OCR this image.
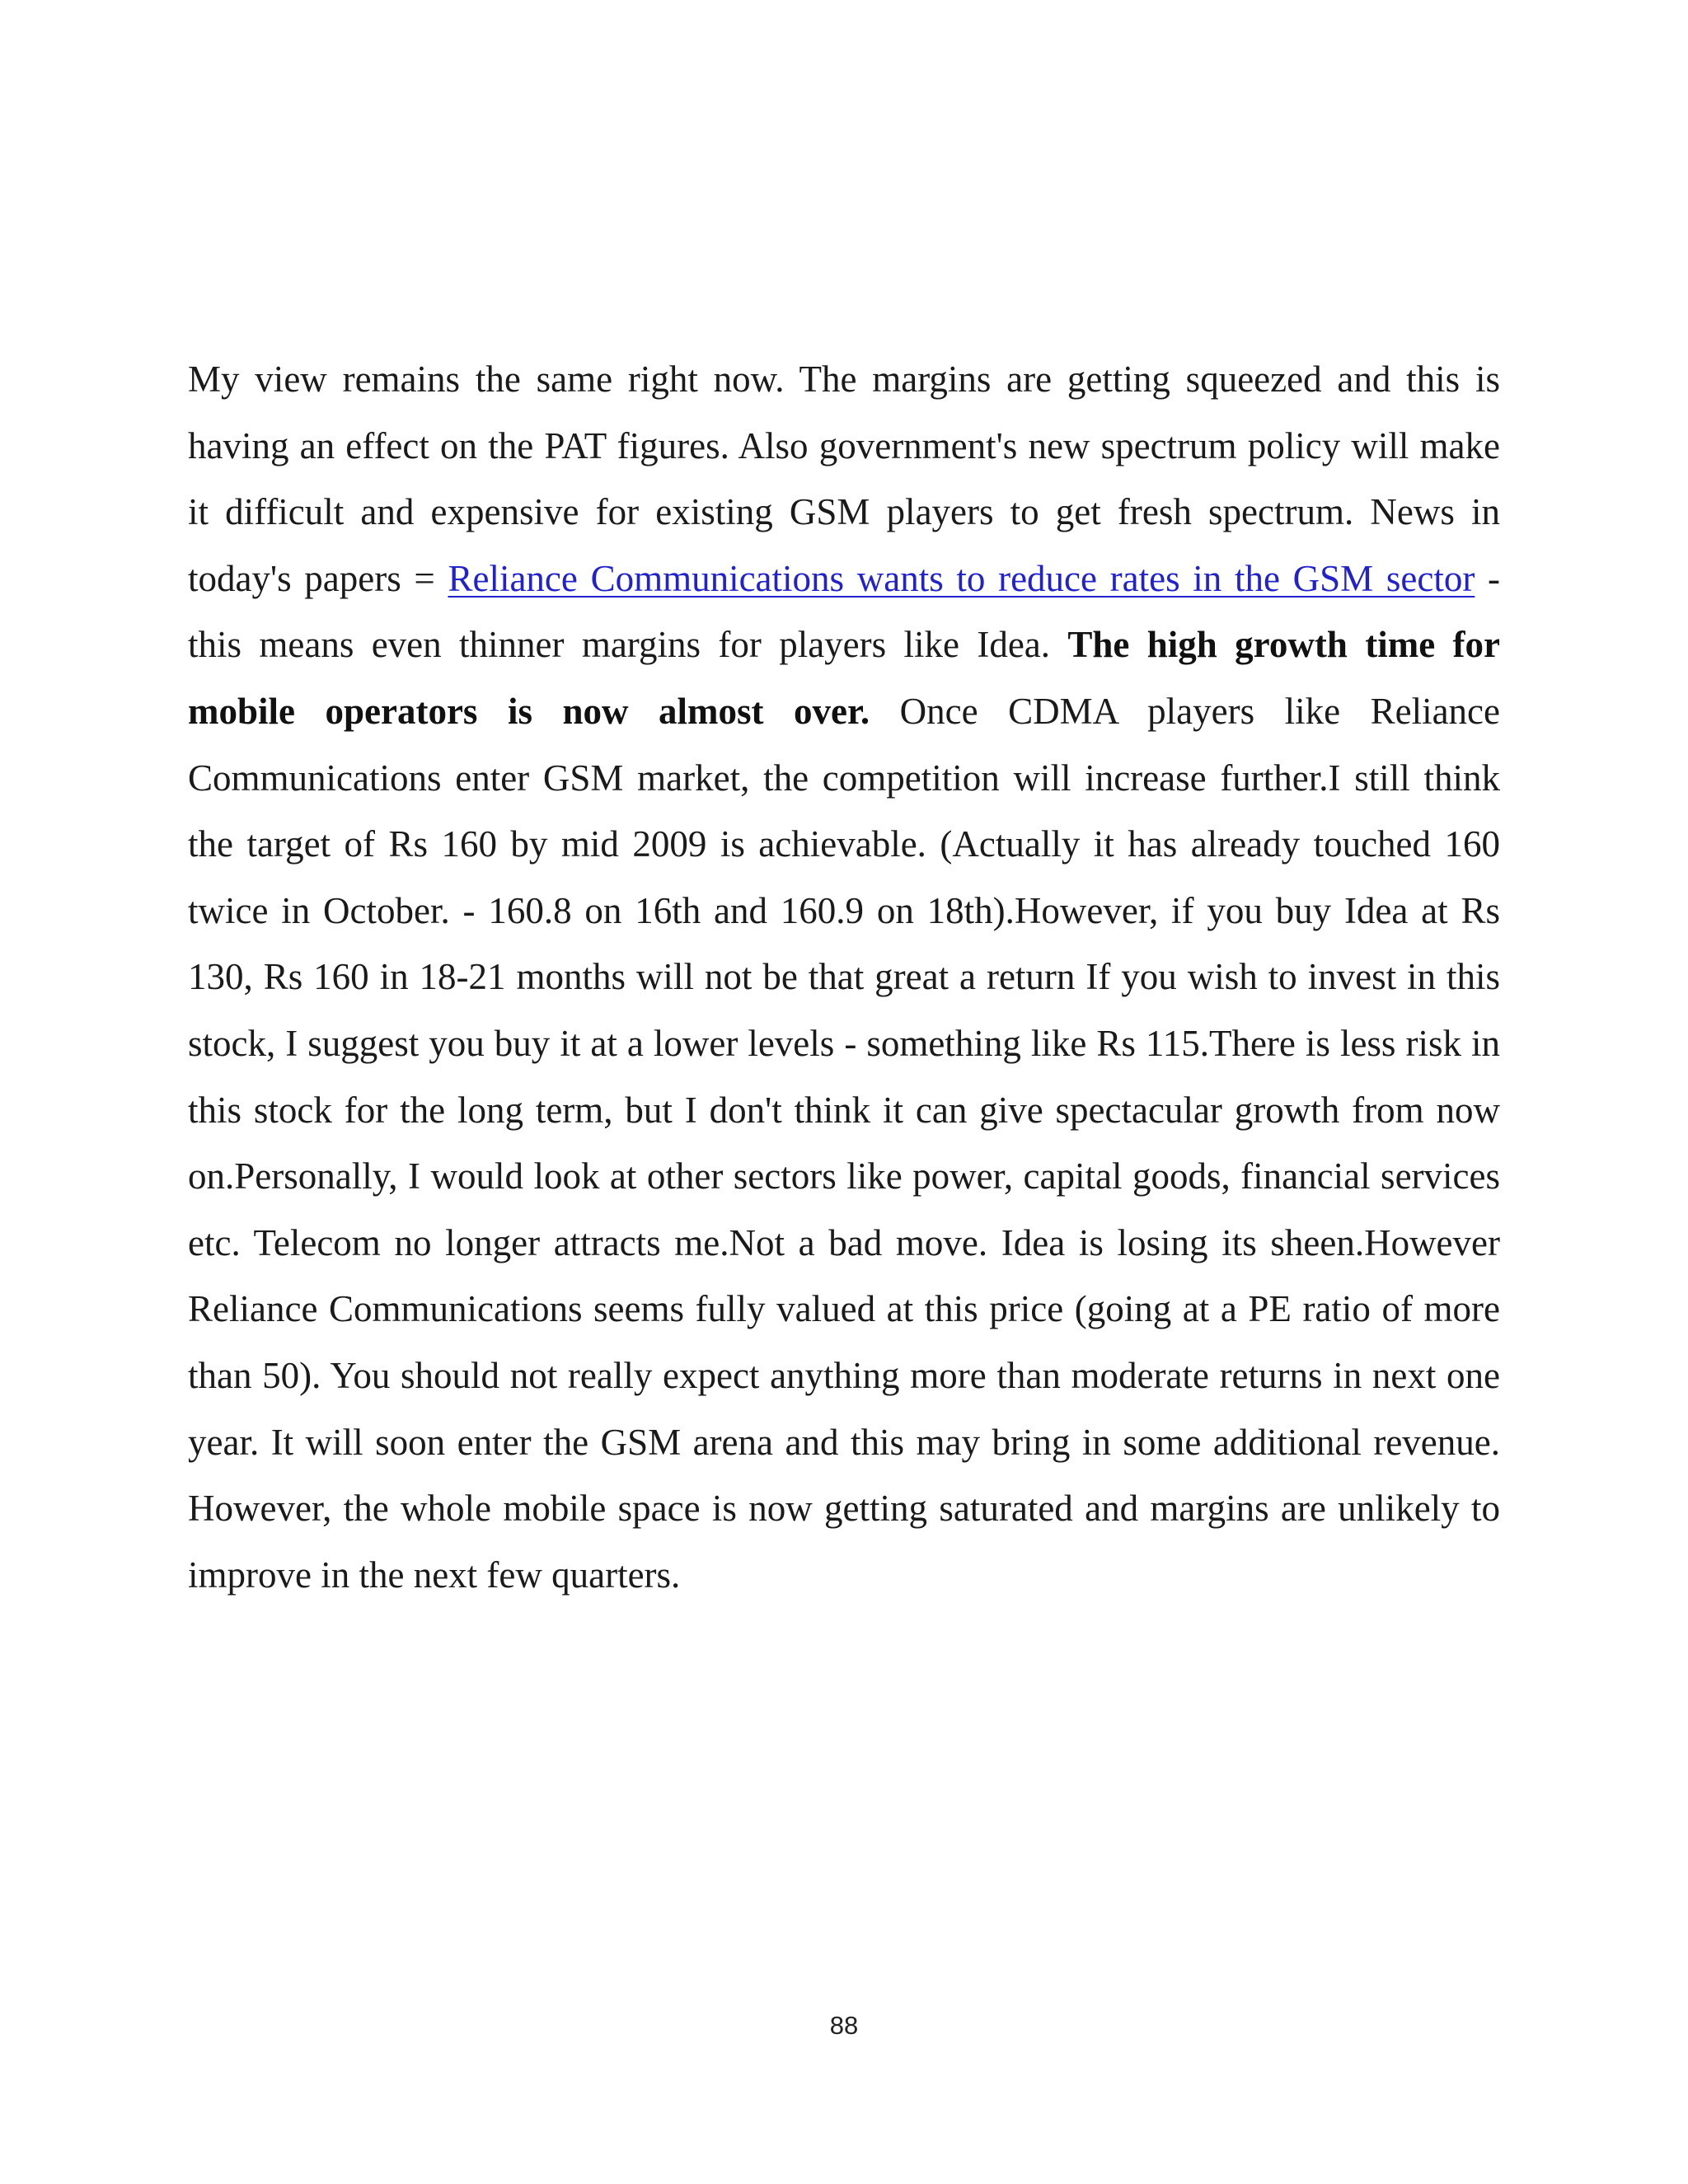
My view remains the same right now. The margins are getting squeezed and this is having an effect on the PAT figures. Also government's new spectrum policy will make it difficult and expensive for existing GSM players to get fresh spectrum. News in today's papers = Reliance Communications wants to reduce rates in the GSM sector - this means even thinner margins for players like Idea. The high growth time for mobile operators is now almost over. Once CDMA players like Reliance Communications enter GSM market, the competition will increase further.I still think the target of Rs 160 by mid 2009 is achievable. (Actually it has already touched 160 twice in October. - 160.8 on 16th and 160.9 on 18th).However, if you buy Idea at Rs 130, Rs 160 in 18-21 months will not be that great a return If you wish to invest in this stock, I suggest you buy it at a lower levels - something like Rs 115.There is less risk in this stock for the long term, but I don't think it can give spectacular growth from now on.Personally, I would look at other sectors like power, capital goods, financial services etc. Telecom no longer attracts me.Not a bad move. Idea is losing its sheen.However Reliance Communications seems fully valued at this price (going at a PE ratio of more than 50). You should not really expect anything more than moderate returns in next one year. It will soon enter the GSM arena and this may bring in some additional revenue. However, the whole mobile space is now getting saturated and margins are unlikely to improve in the next few quarters.

88
